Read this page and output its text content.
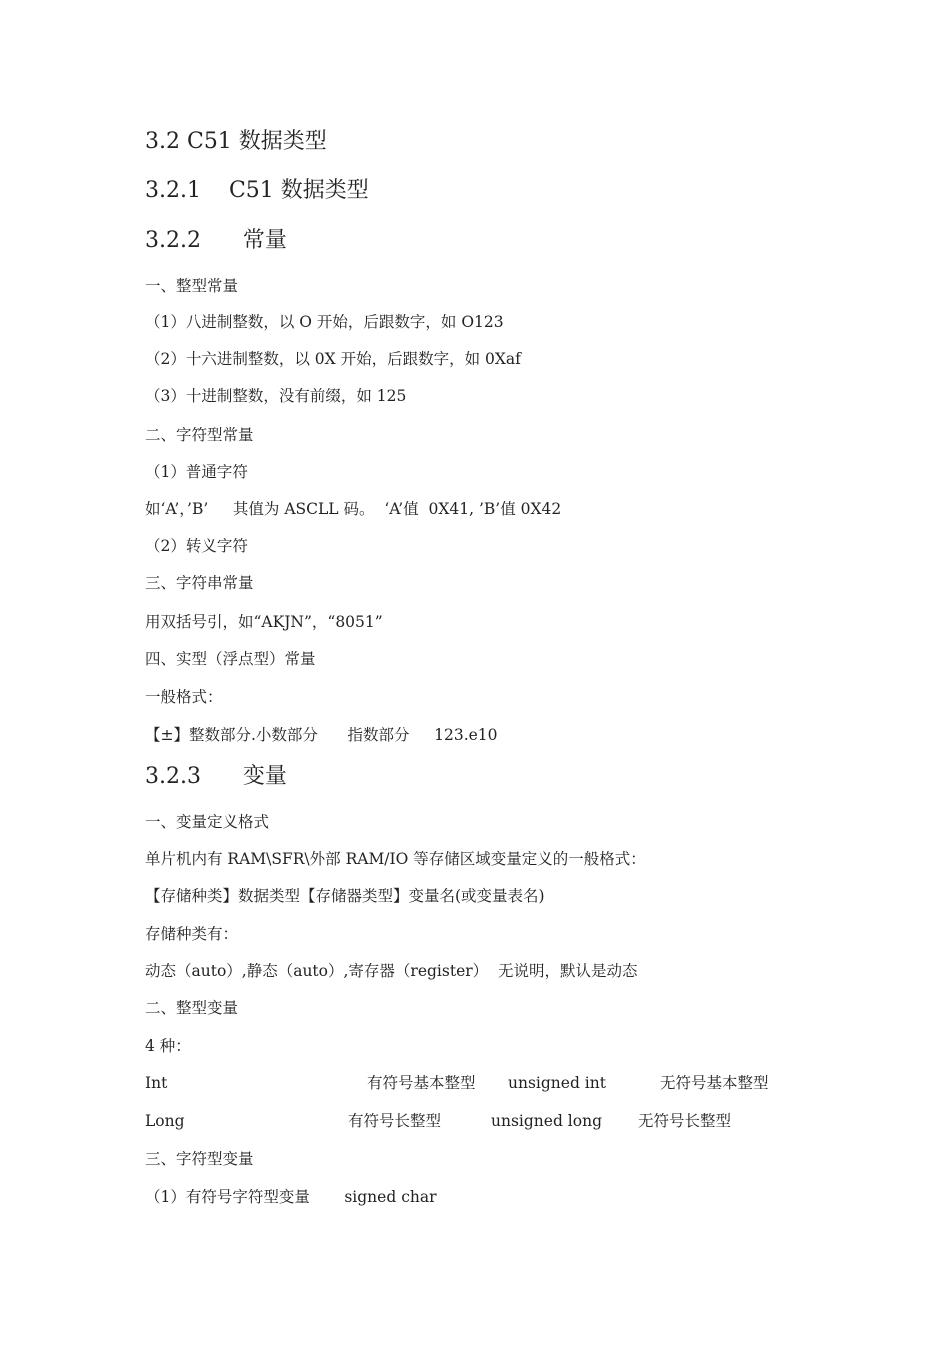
3.2 C51 数据类型
3.2.1    C51 数据类型
3.2.2      常量
一、整型常量
（1）八进制整数，以 O 开始，后跟数字，如 O123
（2）十六进制整数，以 0X 开始，后跟数字，如 0Xaf
（3）十进制整数，没有前缀，如 125
二、字符型常量
（1）普通字符
如‘A’，’B’     其值为 ASCLL 码。  ‘A’值  0X41, ’B’值 0X42
（2）转义字符
三、字符串常量
用双括号引，如“AKJN”，“8051”
四、实型（浮点型）常量
一般格式：
【±】整数部分.小数部分      指数部分     123.e10
3.2.3      变量
一、变量定义格式
单片机内有 RAM\SFR\外部 RAM/IO 等存储区域变量定义的一般格式：
【存储种类】数据类型【存储器类型】变量名(或变量表名)
存储种类有：
动态（auto）,静态（auto）,寄存器（register）  无说明，默认是动态
二、整型变量
4 种：
Int	有符号基本整型 unsigned int	无符号基本整型
Long	有符号长整型	unsigned long 无符号长整型
三、字符型变量
（1）有符号字符型变量       signed char
